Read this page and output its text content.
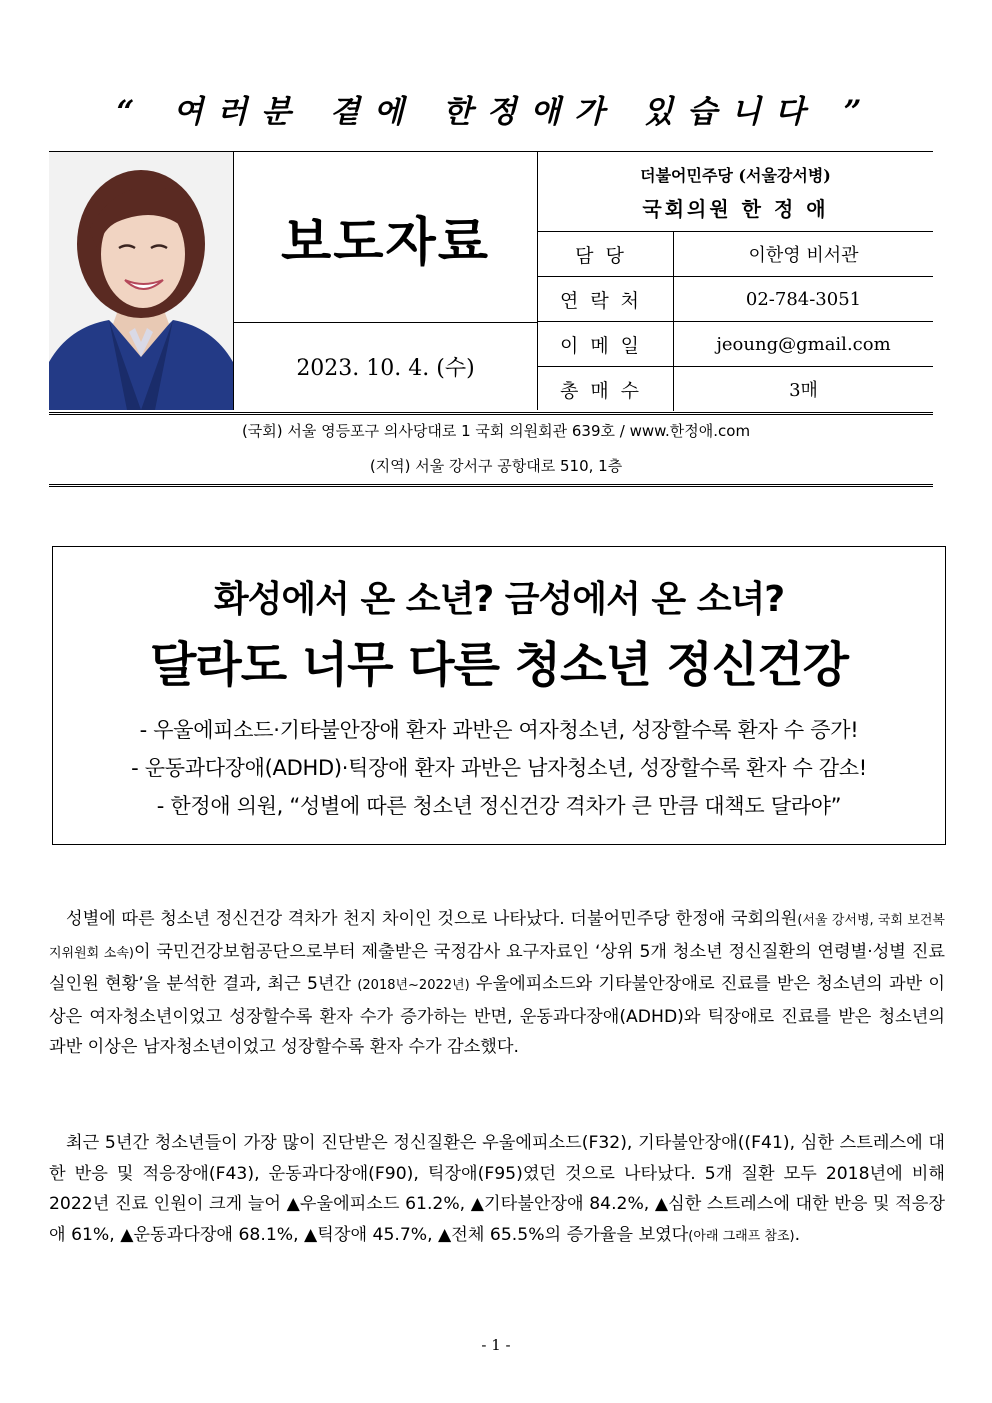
“ 여러분 곁에 한정애가 있습니다 ”
보도자료
2023. 10. 4. (수)
더불어민주당 (서울강서병)
국회의원 한 정 애
담당	이한영 비서관
연락처	02-784-3051
이메일	jeoung@gmail.com
총매수	3매
(국회) 서울 영등포구 의사당대로 1 국회 의원회관 639호 / www.한정애.com
(지역) 서울 강서구 공항대로 510, 1층
화성에서 온 소년? 금성에서 온 소녀?
달라도 너무 다른 청소년 정신건강
- 우울에피소드·기타불안장애 환자 과반은 여자청소년, 성장할수록 환자 수 증가!
- 운동과다장애(ADHD)·틱장애 환자 과반은 남자청소년, 성장할수록 환자 수 감소!
- 한정애 의원, “성별에 따른 청소년 정신건강 격차가 큰 만큼 대책도 달라야”
성별에 따른 청소년 정신건강 격차가 천지 차이인 것으로 나타났다. 더불어민주당 한정애 국회의원(서울 강서병, 국회 보건복지위원회 소속)이 국민건강보험공단으로부터 제출받은 국정감사 요구자료인 ‘상위 5개 청소년 정신질환의 연령별·성별 진료 실인원 현황’을 분석한 결과, 최근 5년간 (2018년~2022년) 우울에피소드와 기타불안장애로 진료를 받은 청소년의 과반 이상은 여자청소년이었고 성장할수록 환자 수가 증가하는 반면, 운동과다장애(ADHD)와 틱장애로 진료를 받은 청소년의 과반 이상은 남자청소년이었고 성장할수록 환자 수가 감소했다.
최근 5년간 청소년들이 가장 많이 진단받은 정신질환은 우울에피소드(F32), 기타불안장애((F41), 심한 스트레스에 대한 반응 및 적응장애(F43), 운동과다장애(F90), 틱장애(F95)였던 것으로 나타났다. 5개 질환 모두 2018년에 비해 2022년 진료 인원이 크게 늘어 ▲우울에피소드 61.2%, ▲기타불안장애 84.2%, ▲심한 스트레스에 대한 반응 및 적응장애 61%, ▲운동과다장애 68.1%, ▲틱장애 45.7%, ▲전체 65.5%의 증가율을 보였다(아래 그래프 참조).
- 1 -
